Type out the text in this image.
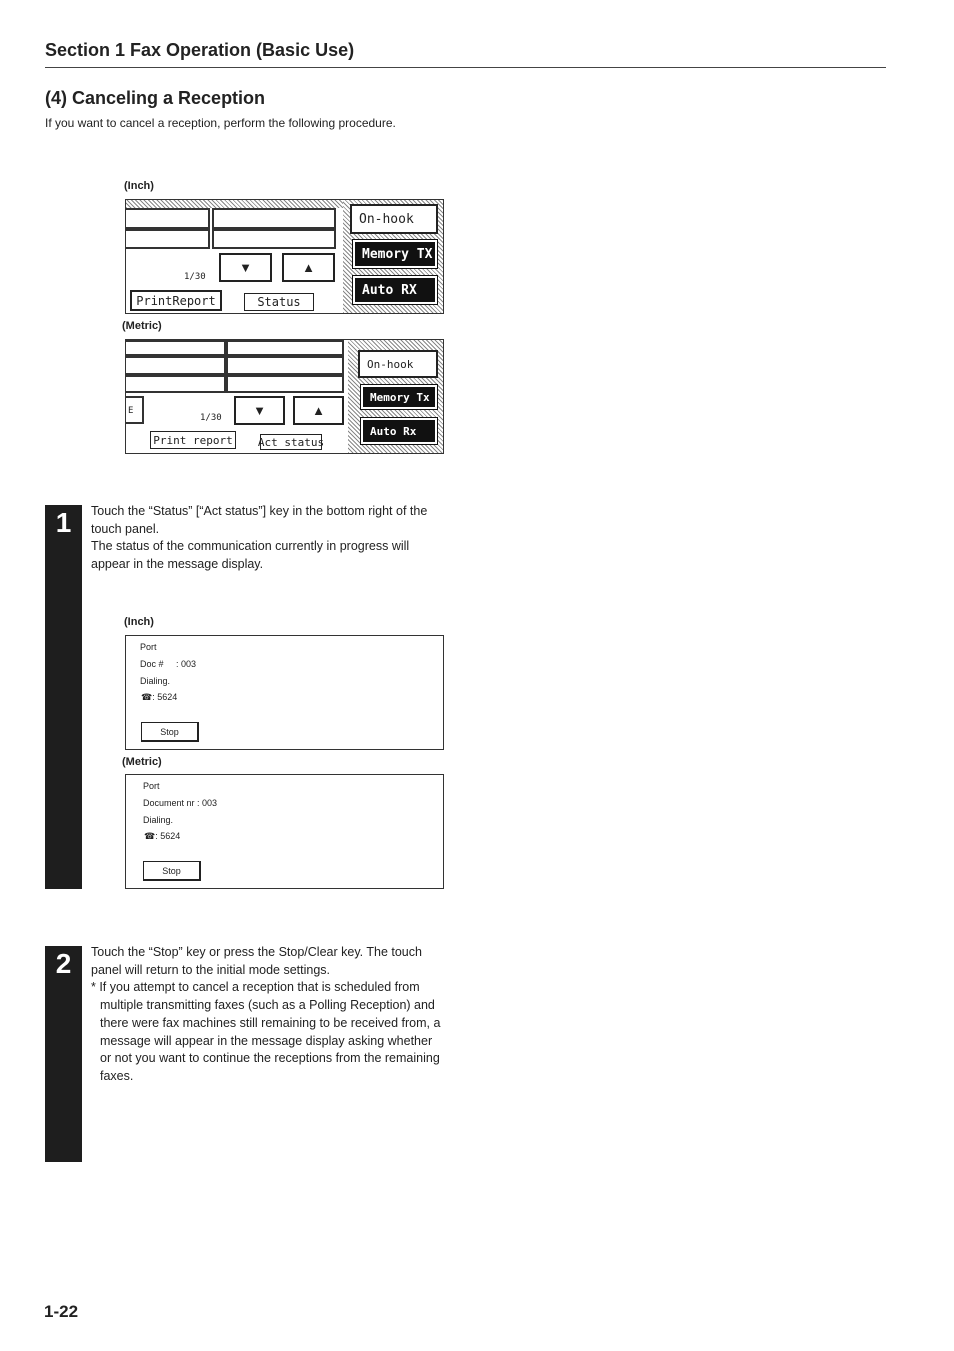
Section 1 Fax Operation (Basic Use)
(4) Canceling a Reception
If you want to cancel a reception, perform the following procedure.
(Inch)
1/30
▼	▲
PrintReport	Status
On-hook
Memory TX
Auto RX
(Metric)
E
1/30 ▼	▲
Print report Act status
On-hook
Memory Tx
Auto Rx
1	Touch the “Status” [“Act status”] key in the bottom right of the touch panel.

The status of the communication currently in progress will appear in the message display.

(Inch)
Port
Doc #     : 003
Dialing.
☎: 5624
Stop
(Metric)
Port
Document nr : 003
Dialing.
☎: 5624
Stop
2	Touch the “Stop” key or press the Stop/Clear key. The touch panel will return to the initial mode settings.

* If you attempt to cancel a reception that is scheduled from multiple transmitting faxes (such as a Polling Reception) and there were fax machines still remaining to be received from, a message will appear in the message display asking whether or not you want to continue the receptions from the remaining faxes.

1-22
